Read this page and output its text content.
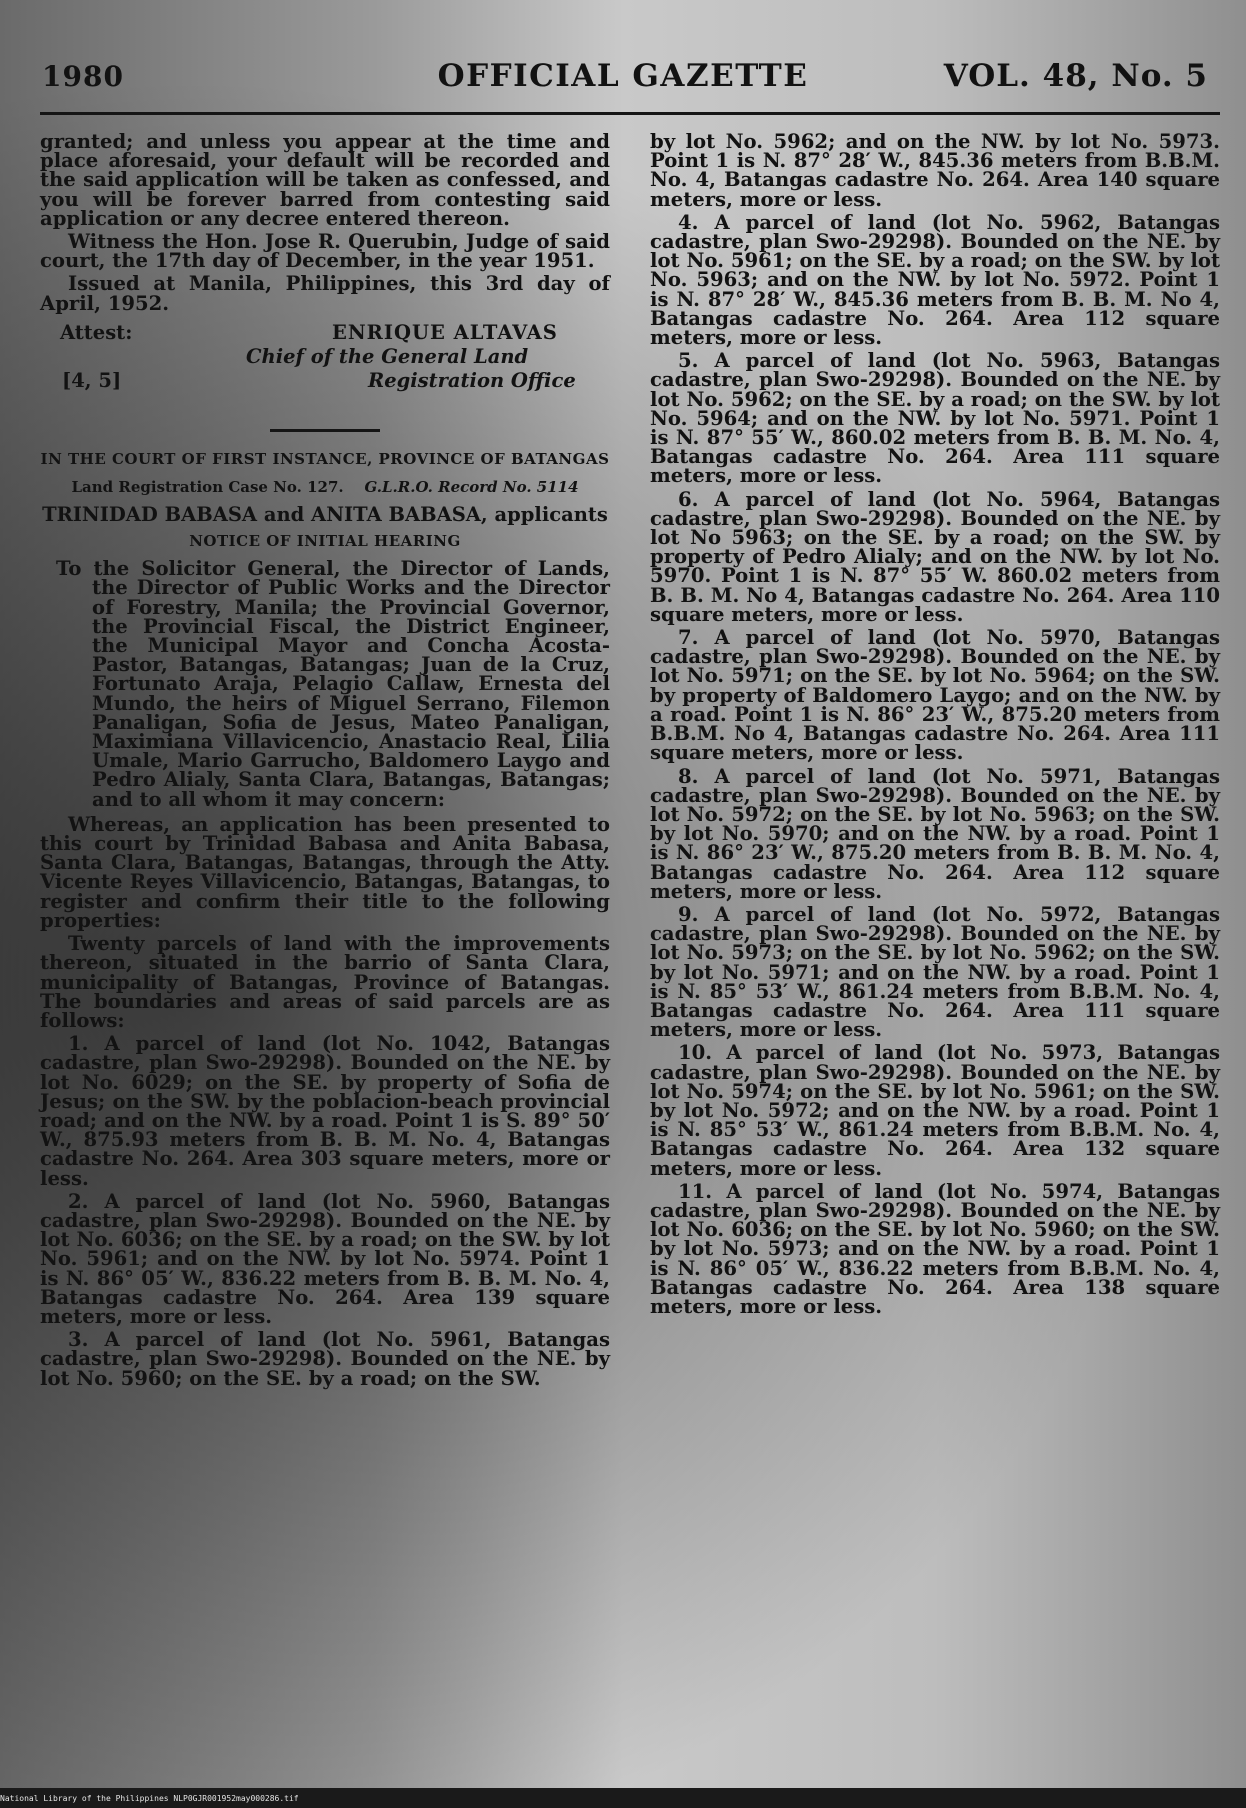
1980	OFFICIAL GAZETTE	VOL. 48, No. 5

granted; and unless you appear at the time and place aforesaid, your default will be recorded and the said application will be taken as confessed, and you will be forever barred from contesting said application or any decree entered thereon.

Witness the Hon. Jose R. Querubin, Judge of said court, the 17th day of December, in the year 1951.

Issued at Manila, Philippines, this 3rd day of April, 1952.

Attest:	ENRIQUE ALTAVAS
Chief of the General Land
[4, 5]	Registration Office

IN THE COURT OF FIRST INSTANCE, PROVINCE OF BATANGAS

Land Registration Case No. 127. G.L.R.O. Record No. 5114

TRINIDAD BABASA and ANITA BABASA, applicants

NOTICE OF INITIAL HEARING

To the Solicitor General, the Director of Lands, the Director of Public Works and the Director of Forestry, Manila; the Provincial Governor, the Provincial Fiscal, the District Engineer, the Municipal Mayor and Concha Acosta-Pastor, Batangas, Batangas; Juan de la Cruz, Fortunato Araja, Pelagio Callaw, Ernesta del Mundo, the heirs of Miguel Serrano, Filemon Panaligan, Sofia de Jesus, Mateo Panaligan, Maximiana Villavicencio, Anastacio Real, Lilia Umale, Mario Garrucho, Baldomero Laygo and Pedro Alialy, Santa Clara, Batangas, Batangas; and to all whom it may concern:

Whereas, an application has been presented to this court by Trinidad Babasa and Anita Babasa, Santa Clara, Batangas, Batangas, through the Atty. Vicente Reyes Villavicencio, Batangas, Batangas, to register and confirm their title to the following properties:

Twenty parcels of land with the improvements thereon, situated in the barrio of Santa Clara, municipality of Batangas, Province of Batangas. The boundaries and areas of said parcels are as follows:

1. A parcel of land (lot No. 1042, Batangas cadastre, plan Swo-29298). Bounded on the NE. by lot No. 6029; on the SE. by property of Sofia de Jesus; on the SW. by the poblacion-beach provincial road; and on the NW. by a road. Point 1 is S. 89° 50′ W., 875.93 meters from B. B. M. No. 4, Batangas cadastre No. 264. Area 303 square meters, more or less.

2. A parcel of land (lot No. 5960, Batangas cadastre, plan Swo-29298). Bounded on the NE. by lot No. 6036; on the SE. by a road; on the SW. by lot No. 5961; and on the NW. by lot No. 5974. Point 1 is N. 86° 05′ W., 836.22 meters from B. B. M. No. 4, Batangas cadastre No. 264. Area 139 square meters, more or less.

3. A parcel of land (lot No. 5961, Batangas cadastre, plan Swo-29298). Bounded on the NE. by lot No. 5960; on the SE. by a road; on the SW.

by lot No. 5962; and on the NW. by lot No. 5973. Point 1 is N. 87° 28′ W., 845.36 meters from B.B.M. No. 4, Batangas cadastre No. 264. Area 140 square meters, more or less.

4. A parcel of land (lot No. 5962, Batangas cadastre, plan Swo-29298). Bounded on the NE. by lot No. 5961; on the SE. by a road; on the SW. by lot No. 5963; and on the NW. by lot No. 5972. Point 1 is N. 87° 28′ W., 845.36 meters from B. B. M. No 4, Batangas cadastre No. 264. Area 112 square meters, more or less.

5. A parcel of land (lot No. 5963, Batangas cadastre, plan Swo-29298). Bounded on the NE. by lot No. 5962; on the SE. by a road; on the SW. by lot No. 5964; and on the NW. by lot No. 5971. Point 1 is N. 87° 55′ W., 860.02 meters from B. B. M. No. 4, Batangas cadastre No. 264. Area 111 square meters, more or less.

6. A parcel of land (lot No. 5964, Batangas cadastre, plan Swo-29298). Bounded on the NE. by lot No 5963; on the SE. by a road; on the SW. by property of Pedro Alialy; and on the NW. by lot No. 5970. Point 1 is N. 87° 55′ W. 860.02 meters from B. B. M. No 4, Batangas cadastre No. 264. Area 110 square meters, more or less.

7. A parcel of land (lot No. 5970, Batangas cadastre, plan Swo-29298). Bounded on the NE. by lot No. 5971; on the SE. by lot No. 5964; on the SW. by property of Baldomero Laygo; and on the NW. by a road. Point 1 is N. 86° 23′ W., 875.20 meters from B.B.M. No 4, Batangas cadastre No. 264. Area 111 square meters, more or less.

8. A parcel of land (lot No. 5971, Batangas cadastre, plan Swo-29298). Bounded on the NE. by lot No. 5972; on the SE. by lot No. 5963; on the SW. by lot No. 5970; and on the NW. by a road. Point 1 is N. 86° 23′ W., 875.20 meters from B. B. M. No. 4, Batangas cadastre No. 264. Area 112 square meters, more or less.

9. A parcel of land (lot No. 5972, Batangas cadastre, plan Swo-29298). Bounded on the NE. by lot No. 5973; on the SE. by lot No. 5962; on the SW. by lot No. 5971; and on the NW. by a road. Point 1 is N. 85° 53′ W., 861.24 meters from B.B.M. No. 4, Batangas cadastre No. 264. Area 111 square meters, more or less.

10. A parcel of land (lot No. 5973, Batangas cadastre, plan Swo-29298). Bounded on the NE. by lot No. 5974; on the SE. by lot No. 5961; on the SW. by lot No. 5972; and on the NW. by a road. Point 1 is N. 85° 53′ W., 861.24 meters from B.B.M. No. 4, Batangas cadastre No. 264. Area 132 square meters, more or less.

11. A parcel of land (lot No. 5974, Batangas cadastre, plan Swo-29298). Bounded on the NE. by lot No. 6036; on the SE. by lot No. 5960; on the SW. by lot No. 5973; and on the NW. by a road. Point 1 is N. 86° 05′ W., 836.22 meters from B.B.M. No. 4, Batangas cadastre No. 264. Area 138 square meters, more or less.

National Library of the Philippines NLP0GJR001952may000286.tif
